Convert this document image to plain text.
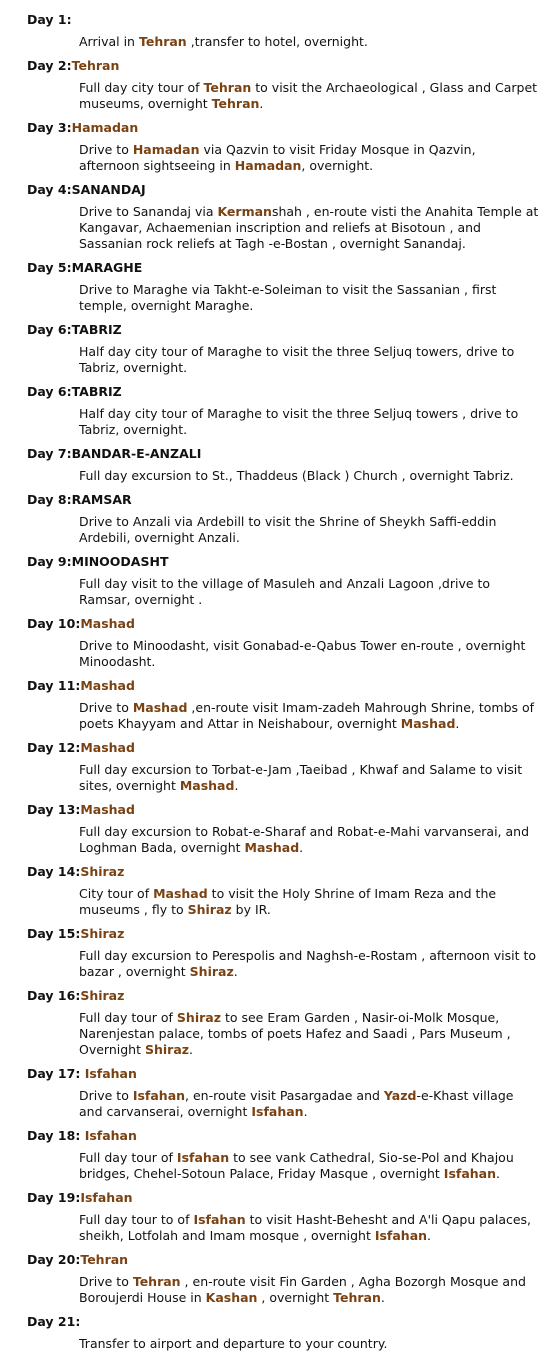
Day 1:
Arrival in Tehran ,transfer to hotel, overnight.
Day 2:Tehran
Full day city tour of Tehran to visit the Archaeological , Glass and Carpet museums, overnight Tehran.
Day 3:Hamadan
Drive to Hamadan via Qazvin to visit Friday Mosque in Qazvin, afternoon sightseeing in Hamadan, overnight.
Day 4:SANANDAJ
Drive to Sanandaj via Kermanshah , en-route visti the Anahita Temple at Kangavar, Achaemenian inscription and reliefs at Bisotoun , and Sassanian rock reliefs at Tagh -e-Bostan , overnight Sanandaj.
Day 5:MARAGHE
Drive to Maraghe via Takht-e-Soleiman to visit the Sassanian , first temple, overnight Maraghe.
Day 6:TABRIZ
Half day city tour of Maraghe to visit the three Seljuq towers, drive to Tabriz, overnight.
Day 6:TABRIZ
Half day city tour of Maraghe to visit the three Seljuq towers , drive to Tabriz, overnight.
Day 7:BANDAR-E-ANZALI
Full day excursion to St., Thaddeus (Black ) Church , overnight Tabriz.
Day 8:RAMSAR
Drive to Anzali via Ardebill to visit the Shrine of Sheykh Saffi-eddin Ardebili, overnight Anzali.
Day 9:MINOODASHT
Full day visit to the village of Masuleh and Anzali Lagoon ,drive to Ramsar, overnight .
Day 10:Mashad
Drive to Minoodasht, visit Gonabad-e-Qabus Tower en-route , overnight Minoodasht.
Day 11:Mashad
Drive to Mashad ,en-route visit Imam-zadeh Mahrough Shrine, tombs of poets Khayyam and Attar in Neishabour, overnight Mashad.
Day 12:Mashad
Full day excursion to Torbat-e-Jam ,Taeibad , Khwaf and Salame to visit sites, overnight Mashad.
Day 13:Mashad
Full day excursion to Robat-e-Sharaf and Robat-e-Mahi varvanserai, and Loghman Bada, overnight Mashad.
Day 14:Shiraz
City tour of Mashad to visit the Holy Shrine of Imam Reza and the museums , fly to Shiraz by IR.
Day 15:Shiraz
Full day excursion to Perespolis and Naghsh-e-Rostam , afternoon visit to bazar , overnight Shiraz.
Day 16:Shiraz
Full day tour of Shiraz to see Eram Garden , Nasir-oi-Molk Mosque, Narenjestan palace, tombs of poets Hafez and Saadi , Pars Museum , Overnight Shiraz.
Day 17: Isfahan
Drive to Isfahan, en-route visit Pasargadae and Yazd-e-Khast village and carvanserai, overnight Isfahan.
Day 18: Isfahan
Full day tour of Isfahan to see vank Cathedral, Sio-se-Pol and Khajou bridges, Chehel-Sotoun Palace, Friday Masque , overnight Isfahan.
Day 19:Isfahan
Full day tour to of Isfahan to visit Hasht-Behesht and A'li Qapu palaces, sheikh, Lotfolah and Imam mosque , overnight Isfahan.
Day 20:Tehran
Drive to Tehran , en-route visit Fin Garden , Agha Bozorgh Mosque and Boroujerdi House in Kashan , overnight Tehran.
Day 21:
Transfer to airport and departure to your country.
